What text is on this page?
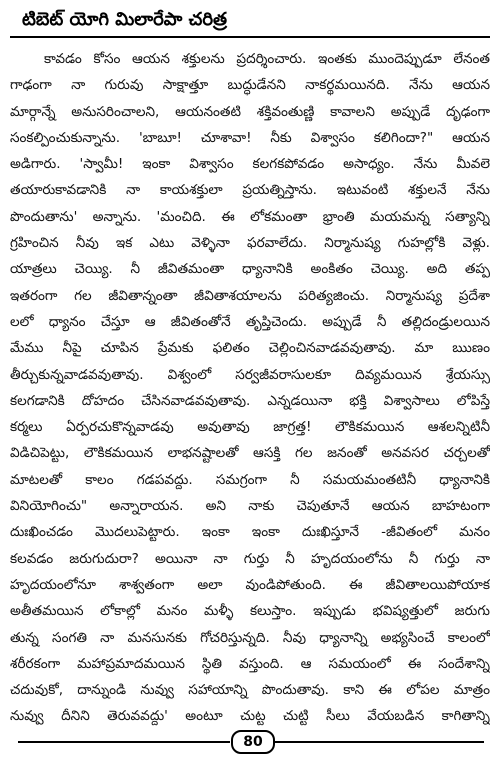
టిబెట్ యోగి మిలారేపా చరిత్ర
కావడం కోసం ఆయన శక్తులను ప్రదర్శించారు. ఇంతకు ముందెప్పుడూ లేనంత
గాఢంగా నా గురువు సాక్షాత్తూ బుద్ధుడేనని నాకర్థమయినది. నేను ఆయన
మార్గాన్నే అనుసరించాలని, ఆయనంతటి శక్తివంతుణ్ణి కావాలని అప్పుడే దృఢంగా
సంకల్పించుకున్నాను. 'బాబూ! చూశావా! నీకు విశ్వాసం కలిగిందా?" ఆయన
అడిగారు. 'స్వామీ! ఇంకా విశ్వాసం కలగకపోవడం అసాధ్యం. నేను మీవలె
తయారుకావడానికి నా కాయశక్తులా ప్రయత్నిస్తాను. ఇటువంటి శక్తులనే నేను
పొందుతాను' అన్నాను. 'మంచిది. ఈ లోకమంతా భ్రాంతి మయమన్న సత్యాన్ని
గ్రహించిన నీవు ఇక ఎటు వెళ్ళినా ఫరవాలేదు. నిర్మానుష్య గుహల్లోకి వెళ్లు.
యాత్రలు చెయ్యి. నీ జీవితమంతా ధ్యానానికి అంకితం చెయ్యి. అది తప్ప
ఇతరంగా గల జీవితాన్నంతా జీవితాశయాలను పరిత్యజించు. నిర్మానుష్య ప్రదేశా
లలో ధ్యానం చేస్తూ ఆ జీవితంతోనే తృప్తిచెందు. అప్పుడే నీ తల్లిదండ్రులయిన
మేము నీపై చూపిన ప్రేమకు ఫలితం చెల్లించినవాడవవుతావు. మా ఋణం
తీర్చుకున్నవాడవవుతావు. విశ్వంలో సర్వజీవరాసులకూ దివ్యమయిన శ్రేయస్సు
కలగడానికి దోహదం చేసినవాడవవుతావు. ఎన్నడయినా భక్తి విశ్వాసాలు లోపిస్తే
కర్మలు ఏర్పరచుకొన్నవాడవు అవుతావు జాగ్రత్త! లౌకికమయిన ఆశలన్నిటినీ
విడిచిపెట్టు, లౌకికమయిన లాభనష్టాలతో ఆసక్తి గల జనంతో అనవసర చర్చలతో
మాటలతో కాలం గడపవద్దు. సమగ్రంగా నీ సమయమంతటినీ ధ్యానానికి
వినియోగించు" అన్నారాయన. అని నాకు చెపుతూనే ఆయన బాహటంగా
దుఃఖించడం మొదలుపెట్టారు. ఇంకా ఇంకా దుఃఖిస్తూనే -జీవితంలో మనం
కలవడం జరుగుదురా? అయినా నా గుర్తు నీ హృదయంలోను నీ గుర్తు నా
హృదయంలోనూ శాశ్వతంగా అలా వుండిపోతుంది. ఈ జీవితాలయిపోయాక
అతీతమయిన లోకాల్లో మనం మళ్ళీ కలుస్తాం. ఇప్పుడు భవిష్యత్తులో జరుగు
తున్న సంగతి నా మనసునకు గోచరిస్తున్నది. నీవు ధ్యానాన్ని అభ్యసించే కాలంలో
శరీరకంగా మహాప్రమాదమయిన స్థితి వస్తుంది. ఆ సమయంలో ఈ సందేశాన్ని
చదువుకో, దాన్నుండి నువ్వు సహాయాన్ని పొందుతావు. కాని ఈ లోపల మాత్రం
నువ్వు దీనిని తెరువవద్దు' అంటూ చుట్ట చుట్టి సీలు వేయబడిన కాగితాన్ని
80
